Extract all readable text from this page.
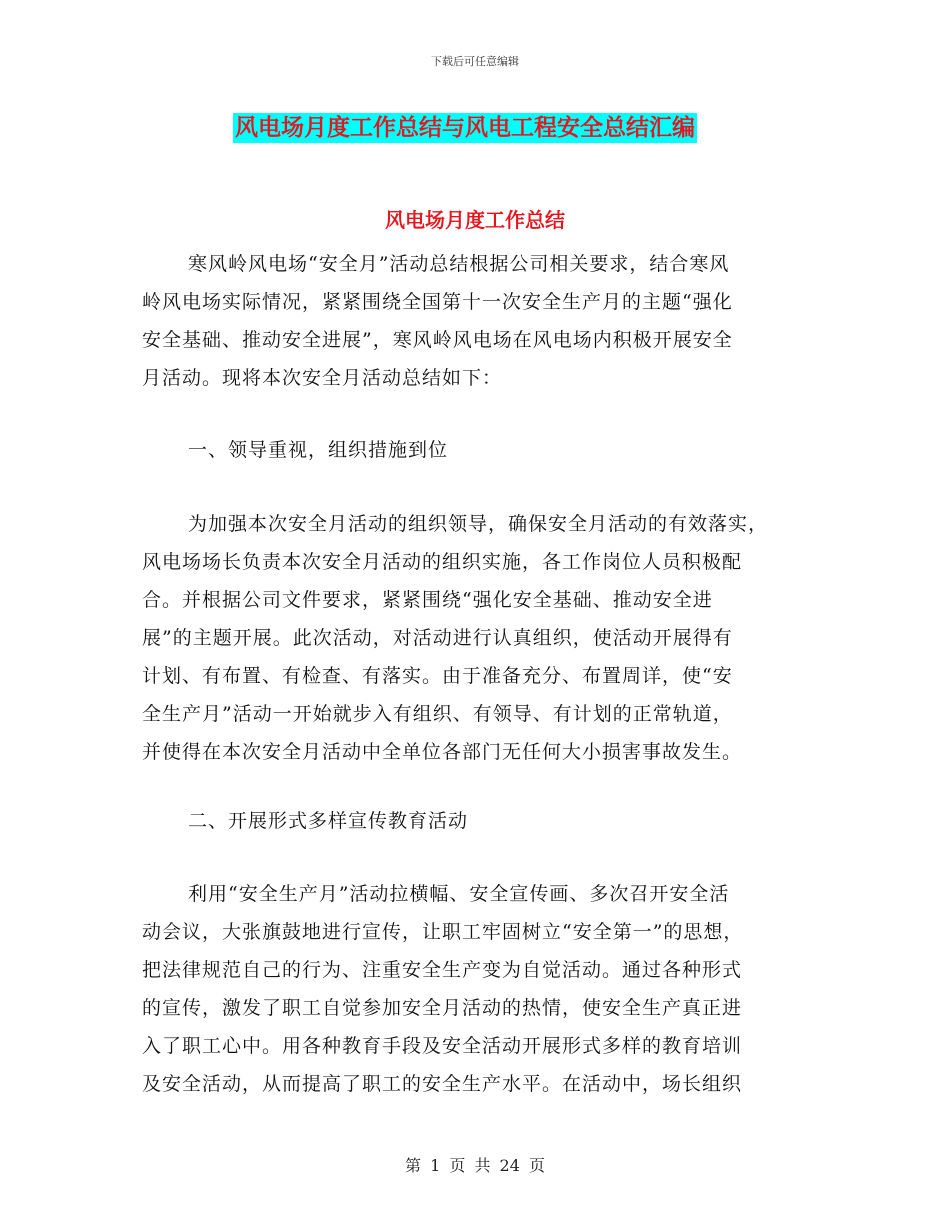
下载后可任意编辑
风电场月度工作总结与风电工程安全总结汇编
风电场月度工作总结
寒风岭风电场“安全月”活动总结根据公司相关要求，结合寒风
岭风电场实际情况，紧紧围绕全国第十一次安全生产月的主题“强化
安全基础、推动安全进展”，寒风岭风电场在风电场内积极开展安全
月活动。现将本次安全月活动总结如下：
一、领导重视，组织措施到位
为加强本次安全月活动的组织领导，确保安全月活动的有效落实，
风电场场长负责本次安全月活动的组织实施，各工作岗位人员积极配
合。并根据公司文件要求，紧紧围绕“强化安全基础、推动安全进
展”的主题开展。此次活动，对活动进行认真组织，使活动开展得有
计划、有布置、有检查、有落实。由于准备充分、布置周详，使“安
全生产月”活动一开始就步入有组织、有领导、有计划的正常轨道，
并使得在本次安全月活动中全单位各部门无任何大小损害事故发生。
二、开展形式多样宣传教育活动
利用“安全生产月”活动拉横幅、安全宣传画、多次召开安全活
动会议，大张旗鼓地进行宣传，让职工牢固树立“安全第一”的思想，
把法律规范自己的行为、注重安全生产变为自觉活动。通过各种形式
的宣传，激发了职工自觉参加安全月活动的热情，使安全生产真正进
入了职工心中。用各种教育手段及安全活动开展形式多样的教育培训
及安全活动，从而提高了职工的安全生产水平。在活动中，场长组织
第 1 页 共 24 页
